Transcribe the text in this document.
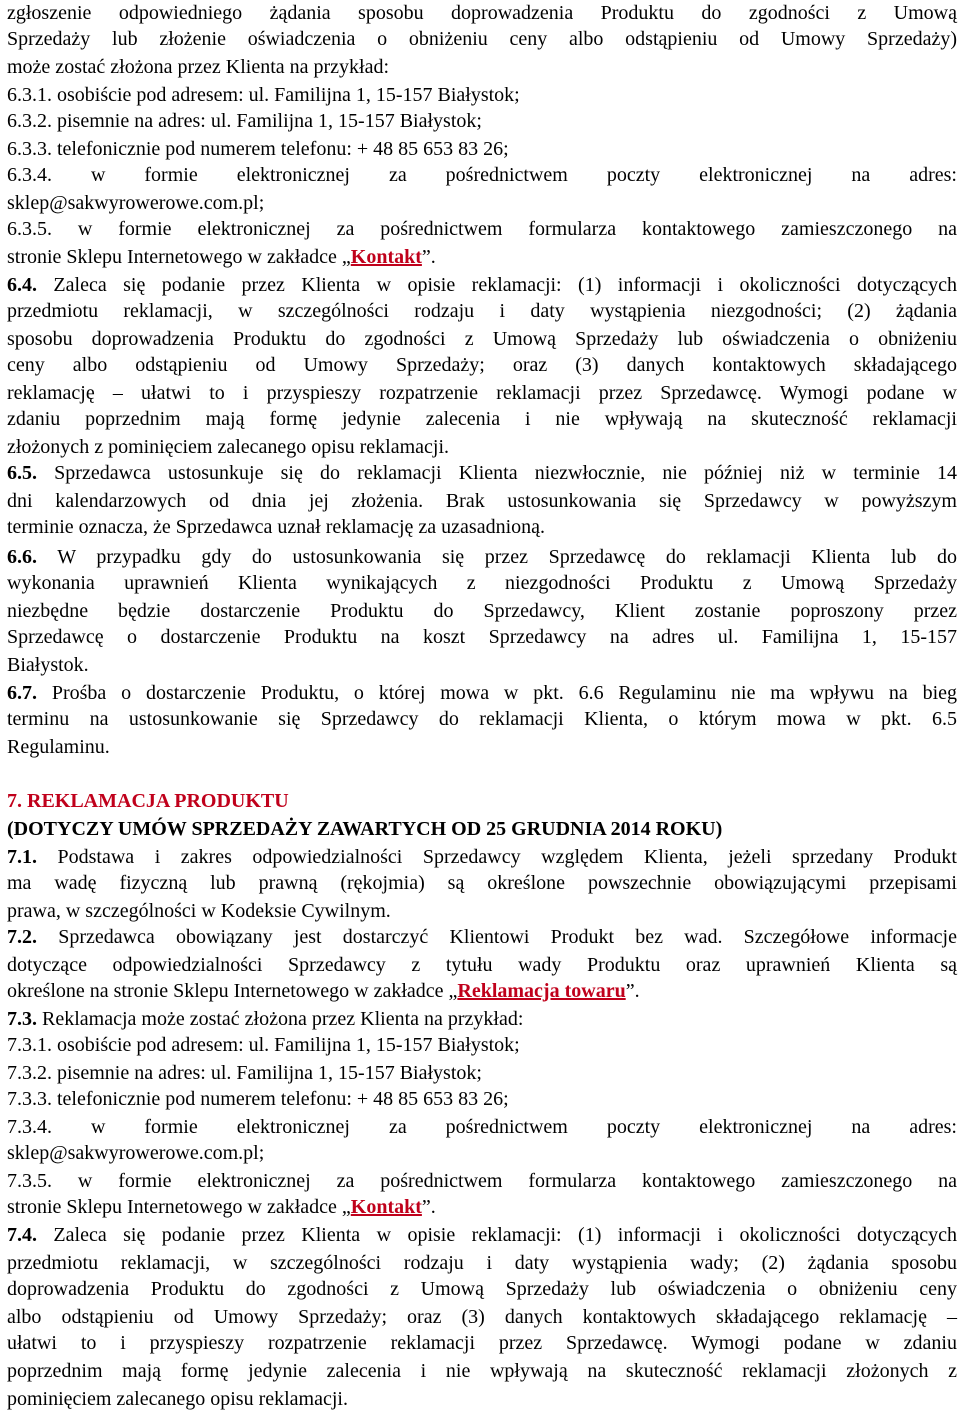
zgłoszenie odpowiedniego żądania sposobu doprowadzenia Produktu do zgodności z Umową
Sprzedaży lub złożenie oświadczenia o obniżeniu ceny albo odstąpieniu od Umowy Sprzedaży)
może zostać złożona przez Klienta na przykład:
6.3.1. osobiście pod adresem: ul. Familijna 1, 15-157 Białystok;
6.3.2. pisemnie na adres: ul. Familijna 1, 15-157 Białystok;
6.3.3. telefonicznie pod numerem telefonu: + 48 85 653 83 26;
6.3.4. w formie elektronicznej za pośrednictwem poczty elektronicznej na adres:
sklep@sakwyrowerowe.com.pl;
6.3.5. w formie elektronicznej za pośrednictwem formularza kontaktowego zamieszczonego na
stronie Sklepu Internetowego w zakładce „Kontakt”.
6.4. Zaleca się podanie przez Klienta w opisie reklamacji: (1) informacji i okoliczności dotyczących
przedmiotu reklamacji, w szczególności rodzaju i daty wystąpienia niezgodności; (2) żądania
sposobu doprowadzenia Produktu do zgodności z Umową Sprzedaży lub oświadczenia o obniżeniu
ceny albo odstąpieniu od Umowy Sprzedaży; oraz (3) danych kontaktowych składającego
reklamację – ułatwi to i przyspieszy rozpatrzenie reklamacji przez Sprzedawcę. Wymogi podane w
zdaniu poprzednim mają formę jedynie zalecenia i nie wpływają na skuteczność reklamacji
złożonych z pominięciem zalecanego opisu reklamacji.
6.5. Sprzedawca ustosunkuje się do reklamacji Klienta niezwłocznie, nie później niż w terminie 14
dni kalendarzowych od dnia jej złożenia. Brak ustosunkowania się Sprzedawcy w powyższym
terminie oznacza, że Sprzedawca uznał reklamację za uzasadnioną.
6.6. W przypadku gdy do ustosunkowania się przez Sprzedawcę do reklamacji Klienta lub do
wykonania uprawnień Klienta wynikających z niezgodności Produktu z Umową Sprzedaży
niezbędne będzie dostarczenie Produktu do Sprzedawcy, Klient zostanie poproszony przez
Sprzedawcę o dostarczenie Produktu na koszt Sprzedawcy na adres ul. Familijna 1, 15-157
Białystok.
6.7. Prośba o dostarczenie Produktu, o której mowa w pkt. 6.6 Regulaminu nie ma wpływu na bieg
terminu na ustosunkowanie się Sprzedawcy do reklamacji Klienta, o którym mowa w pkt. 6.5
Regulaminu.
7. REKLAMACJA PRODUKTU
(DOTYCZY UMÓW SPRZEDAŻY ZAWARTYCH OD 25 GRUDNIA 2014 ROKU)
7.1. Podstawa i zakres odpowiedzialności Sprzedawcy względem Klienta, jeżeli sprzedany Produkt
ma wadę fizyczną lub prawną (rękojmia) są określone powszechnie obowiązującymi przepisami
prawa, w szczególności w Kodeksie Cywilnym.
7.2. Sprzedawca obowiązany jest dostarczyć Klientowi Produkt bez wad. Szczegółowe informacje
dotyczące odpowiedzialności Sprzedawcy z tytułu wady Produktu oraz uprawnień Klienta są
określone na stronie Sklepu Internetowego w zakładce „Reklamacja towaru”.
7.3. Reklamacja może zostać złożona przez Klienta na przykład:
7.3.1. osobiście pod adresem: ul. Familijna 1, 15-157 Białystok;
7.3.2. pisemnie na adres: ul. Familijna 1, 15-157 Białystok;
7.3.3. telefonicznie pod numerem telefonu: + 48 85 653 83 26;
7.3.4. w formie elektronicznej za pośrednictwem poczty elektronicznej na adres:
sklep@sakwyrowerowe.com.pl;
7.3.5. w formie elektronicznej za pośrednictwem formularza kontaktowego zamieszczonego na
stronie Sklepu Internetowego w zakładce „Kontakt”.
7.4. Zaleca się podanie przez Klienta w opisie reklamacji: (1) informacji i okoliczności dotyczących
przedmiotu reklamacji, w szczególności rodzaju i daty wystąpienia wady; (2) żądania sposobu
doprowadzenia Produktu do zgodności z Umową Sprzedaży lub oświadczenia o obniżeniu ceny
albo odstąpieniu od Umowy Sprzedaży; oraz (3) danych kontaktowych składającego reklamację –
ułatwi to i przyspieszy rozpatrzenie reklamacji przez Sprzedawcę. Wymogi podane w zdaniu
poprzednim mają formę jedynie zalecenia i nie wpływają na skuteczność reklamacji złożonych z
pominięciem zalecanego opisu reklamacji.
